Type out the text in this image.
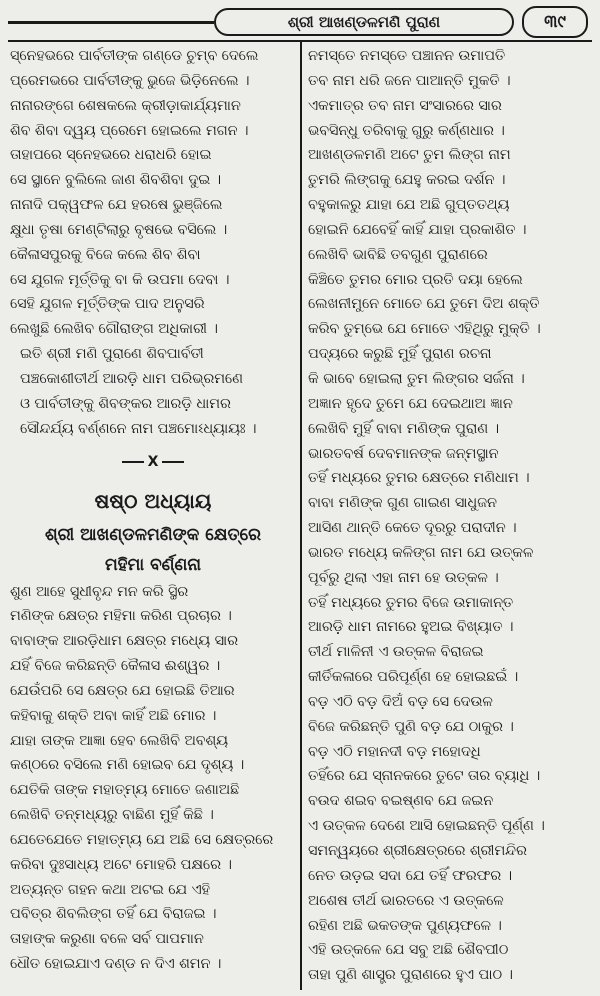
ଶ୍ରୀ ଆଖଣ୍ଡଳମଣି ପୁରାଣ	୩୯
ସ୍ନେହଭରେ ପାର୍ବତୀଙ୍କ ଗଣ୍ଡେ ଚୁମ୍ବ ଦେଲେ
ପ୍ରେମଭରେ ପାର୍ବତୀଙ୍କୁ ଭୁଜେ ଭିଡ଼ିନେଲେ ।
ନାନାରଙ୍ଗେ ଶେଷକଲେ କ୍ରୀଡ଼ାକାର୍ଯ୍ୟମାନ
ଶିବ ଶିବା ଦ୍ୱୟ ପ୍ରେମେ ହୋଇଲେ ମଗନ ।
ତାହାପରେ ସ୍ନେହଭରେ ଧରାଧରି ହୋଇ
ସେ ସ୍ଥାନେ ବୁଲିଲେ ଜାଣ ଶିବଶିବା ଦୁଇ ।
ନାନାଦି ପକ୍ୱଫଳ ଯେ ହରଷେ ଭୁଞ୍ଜିଲେ
କ୍ଷୁଧା ତୃଷା ମେଣ୍ଟିଲାରୁ ବୃଷଭେ ବସିଲେ ।
କୈଳାସପୁରକୁ ବିଜେ କଲେ ଶିବ ଶିବା
ସେ ଯୁଗଳ ମୂର୍ତ୍ତିକୁ ବା କି ଉପମା ଦେବା ।
ସେହି ଯୁଗଳ ମୂର୍ତ୍ତିଙ୍କ ପାଦ ଅନୁସରି
ଲେଖୁଛି ଲେଖିବ ଗୌରାଙ୍ଗ ଅଧିକାରୀ ।
ଇତି ଶ୍ରୀ ମଣି ପୁରାଣେ ଶିବପାର୍ବତୀ
ପଞ୍ଚକୋଶୀତୀର୍ଥ ଆରଡ଼ି ଧାମ ପରିଭ୍ରମଣେ
ଓ ପାର୍ବତୀଙ୍କୁ ଶିବଙ୍କର ଆରଡ଼ି ଧାମର
ସୌନ୍ଦର୍ଯ୍ୟ ବର୍ଣ୍ଣନେ ନାମ ପଞ୍ଚମୋଽଧ୍ୟାୟଃ ।
X
ଷଷ୍ଠ ଅଧ୍ୟାୟ
ଶ୍ରୀ ଆଖଣ୍ଡଳମଣିଙ୍କ କ୍ଷେତ୍ରେ
ମହିମା ବର୍ଣ୍ଣନା
ଶୁଣ ଆହେ ସୁଧୀବୃନ୍ଦ ମନ କରି ସ୍ଥିର
ମଣିଙ୍କ କ୍ଷେତ୍ର ମହିମା କରିଣ ପ୍ରଚାର ।
ବାବାଙ୍କ ଆରଡ଼ିଧାମ କ୍ଷେତ୍ର ମଧ୍ୟେ ସାର
ଯହିଁ ବିଜେ କରିଛନ୍ତି କୈଳାସ ଈଶ୍ୱର ।
ଯେଉଁପରି ସେ କ୍ଷେତ୍ର ଯେ ହୋଇଛି ତିଆର
କହିବାକୁ ଶକ୍ତି ଅବା କାହିଁ ଅଛି ମୋର ।
ଯାହା ତାଙ୍କ ଆଜ୍ଞା ହେବ ଲେଖିବି ଅବଶ୍ୟ
କଣ୍ଠରେ ବସିଲେ ମଣି ହୋଇବ ଯେ ଦୃଶ୍ୟ ।
ଯେତିକି ତାଙ୍କ ମହାତ୍ମ୍ୟ ମୋତେ ଜଣାଅଛି
ଲେଖିବି ତନ୍ମଧ୍ୟରୁ ବାଛିଣ ମୁହିଁ କିଛି ।
ଯେତେଯେତେ ମହାତ୍ମ୍ୟ ଯେ ଅଛି ସେ କ୍ଷେତ୍ରରେ
କରିବା ଦୁଃସାଧ୍ୟ ଅଟେ ମୋହରି ପକ୍ଷରେ ।
ଅତ୍ୟନ୍ତ ଗହନ କଥା ଅଟଇ ଯେ ଏହି
ପବିତ୍ର ଶିବଲିଙ୍ଗ ତହିଁ ଯେ ବିରାଜଇ ।
ତାହାଙ୍କ କରୁଣା ବଳେ ସର୍ବ ପାପମାନ
ଧୌତ ହୋଇଯାଏ ଦଣ୍ଡ ନ ଦିଏ ଶମନ ।
ନମସ୍ତେ ନମସ୍ତେ ପଞ୍ଚାନନ ଉମାପତି
ତବ ନାମ ଧରି ଜନେ ପାଆନ୍ତି ମୁକତି ।
ଏକମାତ୍ର ତବ ନାମ ସଂସାରରେ ସାର
ଭବସିନ୍ଧୁ ତରିବାକୁ ଗୁରୁ କର୍ଣ୍ଣଧାର ।
ଆଖଣ୍ଡଳମଣି ଅଟେ ତୁମ ଲିଙ୍ଗ ନାମ
ତୁମରି ଲିଙ୍ଗକୁ ଯେହୁ କରଇ ଦର୍ଶନ ।
ବହୁକାଳରୁ ଯାହା ଯେ ଅଛି ଗୁପ୍ତତଥ୍ୟ
ହୋଇନି ଯେବେହିଁ କାହିଁ ଯାହା ପ୍ରକାଶିତ ।
ଲେଖିବି ଭାବିଛି ତବଗୁଣ ପୁରାଣରେ
କିଞ୍ଚିତେ ତୁମର ମୋର ପ୍ରତି ଦୟା ହେଲେ
ଲେଖନୀମୁନେ ମୋତେ ଯେ ତୁମେ ଦିଅ ଶକ୍ତି
କରିବ ତୁମ୍ଭେ ଯେ ମୋତେ ଏହିଥିରୁ ମୁକ୍ତି ।
ପଦ୍ୟରେ କରୁଛି ମୁହିଁ ପୁରାଣ ରଚନା
କି ଭାବେ ହୋଇଲା ତୁମ ଲିଙ୍ଗର ସର୍ଜନା ।
ଅଜ୍ଞାନ ହୃଦେ ତୁମେ ଯେ ଦେଇଥାଅ ଜ୍ଞାନ
ଲେଖିବି ମୁହିଁ ବାବା ମଣିଙ୍କ ପୁରାଣ ।
ଭାରତବର୍ଷ ଦେବମାନଙ୍କ ଜନ୍ମସ୍ଥାନ
ତହିଁ ମଧ୍ୟରେ ତୁମର କ୍ଷେତ୍ରେ ମଣିଧାମ ।
ବାବା ମଣିଙ୍କ ଗୁଣ ଗାଇଣ ସାଧୁଜନ
ଆସିଣ ଥାନ୍ତି କେତେ ଦୂରରୁ ପରାଦୀନ ।
ଭାରତ ମଧ୍ୟେ କଳିଙ୍ଗ ନାମ ଯେ ଉତ୍କଳ
ପୂର୍ବରୁ ଥିଲା ଏହା ନାମ ହେ ଉତ୍କଳ ।
ତହିଁ ମଧ୍ୟରେ ତୁମର ବିଜେ ଉମାକାନ୍ତ
ଆରଡ଼ି ଧାମ ନାମରେ ହୁଅଇ ବିଖ୍ୟାତ ।
ତୀର୍ଥ ମାଳିନୀ ଏ ଉତ୍କଳ ବିରାଜଇ
କୀର୍ତିକଳାରେ ପରିପୂର୍ଣ୍ଣ ହେ ହୋଇଛଇଁ ।
ବଡ଼ ଏଠି ବଡ଼ ଦିଅଁ ବଡ଼ ସେ ଦେଉଳ
ବିଜେ କରିଛନ୍ତି ପୁଣି ବଡ଼ ଯେ ଠାକୁର ।
ବଡ଼ ଏଠି ମହାନଦୀ ବଡ଼ ମହୋଦଧି
ତହିଁରେ ଯେ ସ୍ନାନକରେ ତୁଟେ ତାର ବ୍ୟାଧି ।
ବଉଦ ଶଇବ ବଇଷ୍ଣବ ଯେ ଜଇନ
ଏ ଉତ୍କଳ ଦେଶେ ଆସି ହୋଇଛନ୍ତି ପୂର୍ଣ୍ଣ ।
ସମନ୍ୱୟରେ ଶ୍ରୀକ୍ଷେତ୍ରରେ ଶ୍ରୀମନ୍ଦିର
ନେତ ଉଡ଼ଇ ସଦା ଯେ ତହିଁ ଫରଫର ।
ଅଶେଷ ତୀର୍ଥ ଭାରତରେ ଏ ଉତ୍କଳେ
ରହିଣ ଅଛି ଭକତଙ୍କ ପୁଣ୍ୟଫଳେ ।
ଏହି ଉତ୍କଳେ ଯେ ସବୁ ଅଛି ଶୈବପୀଠ
ତାହା ପୁଣି ଶାସ୍ତ୍ର ପୁରାଣରେ ହୁଏ ପାଠ ।
